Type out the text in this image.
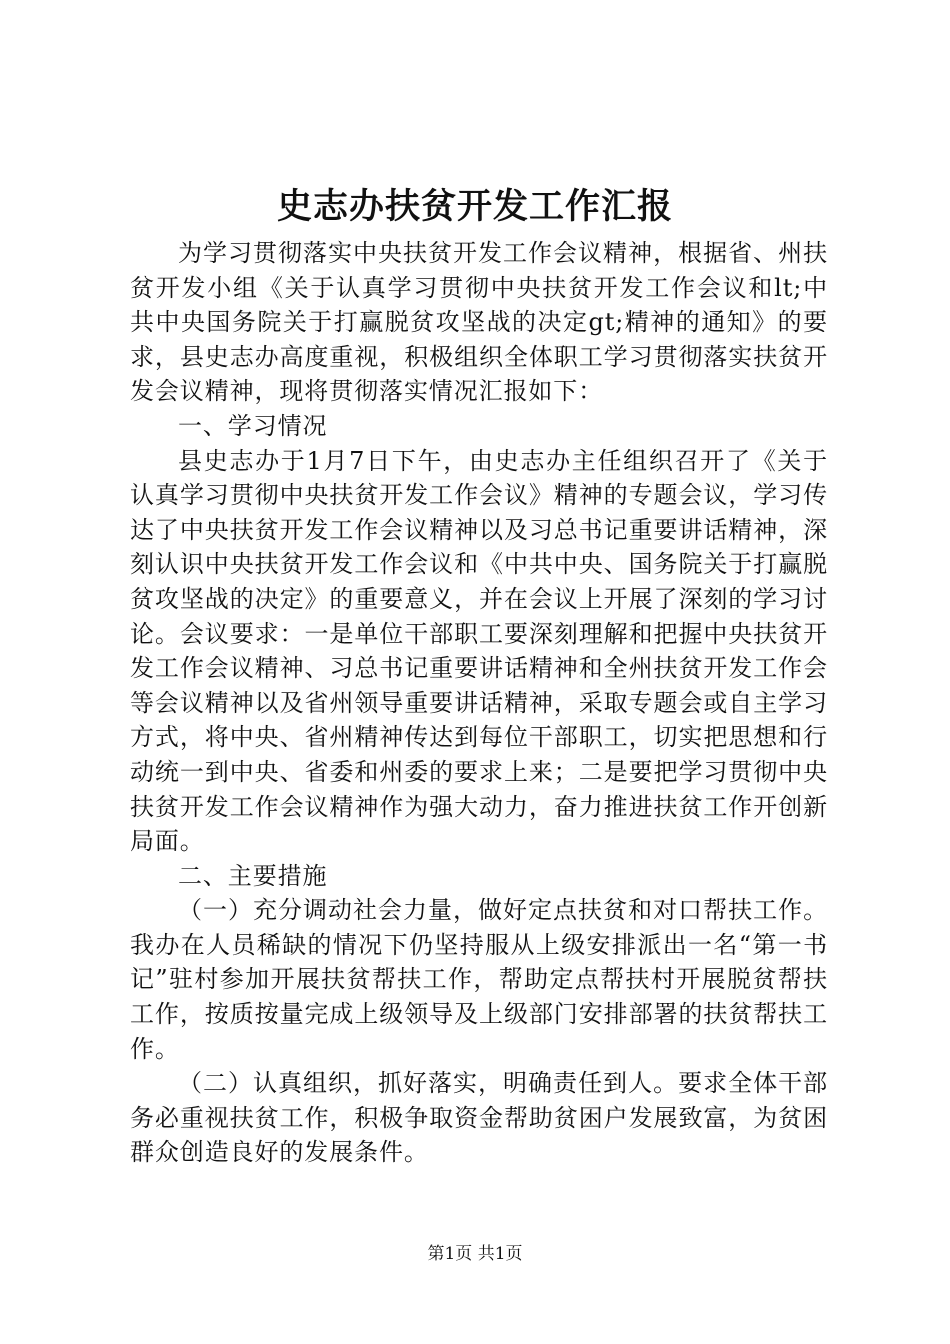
史志办扶贫开发工作汇报

为学习贯彻落实中央扶贫开发工作会议精神，根据省、州扶贫开发小组《关于认真学习贯彻中央扶贫开发工作会议和lt;中共中央国务院关于打赢脱贫攻坚战的决定gt;精神的通知》的要求，县史志办高度重视，积极组织全体职工学习贯彻落实扶贫开发会议精神，现将贯彻落实情况汇报如下：

一、学习情况

县史志办于1月7日下午，由史志办主任组织召开了《关于认真学习贯彻中央扶贫开发工作会议》精神的专题会议，学习传达了中央扶贫开发工作会议精神以及习总书记重要讲话精神，深刻认识中央扶贫开发工作会议和《中共中央、国务院关于打赢脱贫攻坚战的决定》的重要意义，并在会议上开展了深刻的学习讨论。会议要求：一是单位干部职工要深刻理解和把握中央扶贫开发工作会议精神、习总书记重要讲话精神和全州扶贫开发工作会等会议精神以及省州领导重要讲话精神，采取专题会或自主学习方式，将中央、省州精神传达到每位干部职工，切实把思想和行动统一到中央、省委和州委的要求上来；二是要把学习贯彻中央扶贫开发工作会议精神作为强大动力，奋力推进扶贫工作开创新局面。

二、主要措施

（一）充分调动社会力量，做好定点扶贫和对口帮扶工作。我办在人员稀缺的情况下仍坚持服从上级安排派出一名“第一书记”驻村参加开展扶贫帮扶工作，帮助定点帮扶村开展脱贫帮扶工作，按质按量完成上级领导及上级部门安排部署的扶贫帮扶工作。

（二）认真组织，抓好落实，明确责任到人。要求全体干部务必重视扶贫工作，积极争取资金帮助贫困户发展致富，为贫困群众创造良好的发展条件。

第1页 共1页
